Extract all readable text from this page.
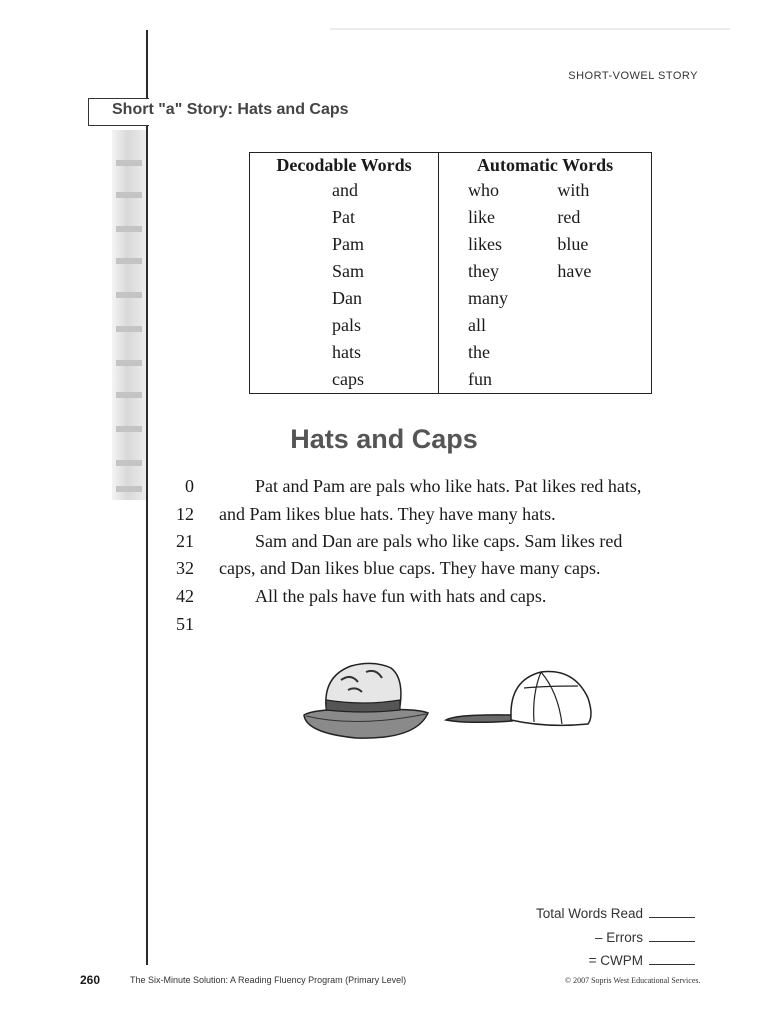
SHORT-VOWEL STORY
Short "a" Story: Hats and Caps
Decodable Words	Automatic Words	
and	who	with
Pat	like	red
Pam	likes	blue
Sam	they	have
Dan	many	
pals	all	
hats	the	
caps	fun	
Hats and Caps
0	Pat and Pam are pals who like hats. Pat likes red hats,
12 and Pam likes blue hats. They have many hats.
21	Sam and Dan are pals who like caps. Sam likes red
32 caps, and Dan likes blue caps. They have many caps.
42	All the pals have fun with hats and caps.
51
Total Words Read
– Errors
= CWPM
260	The Six-Minute Solution: A Reading Fluency Program (Primary Level)	© 2007 Sopris West Educational Services.
